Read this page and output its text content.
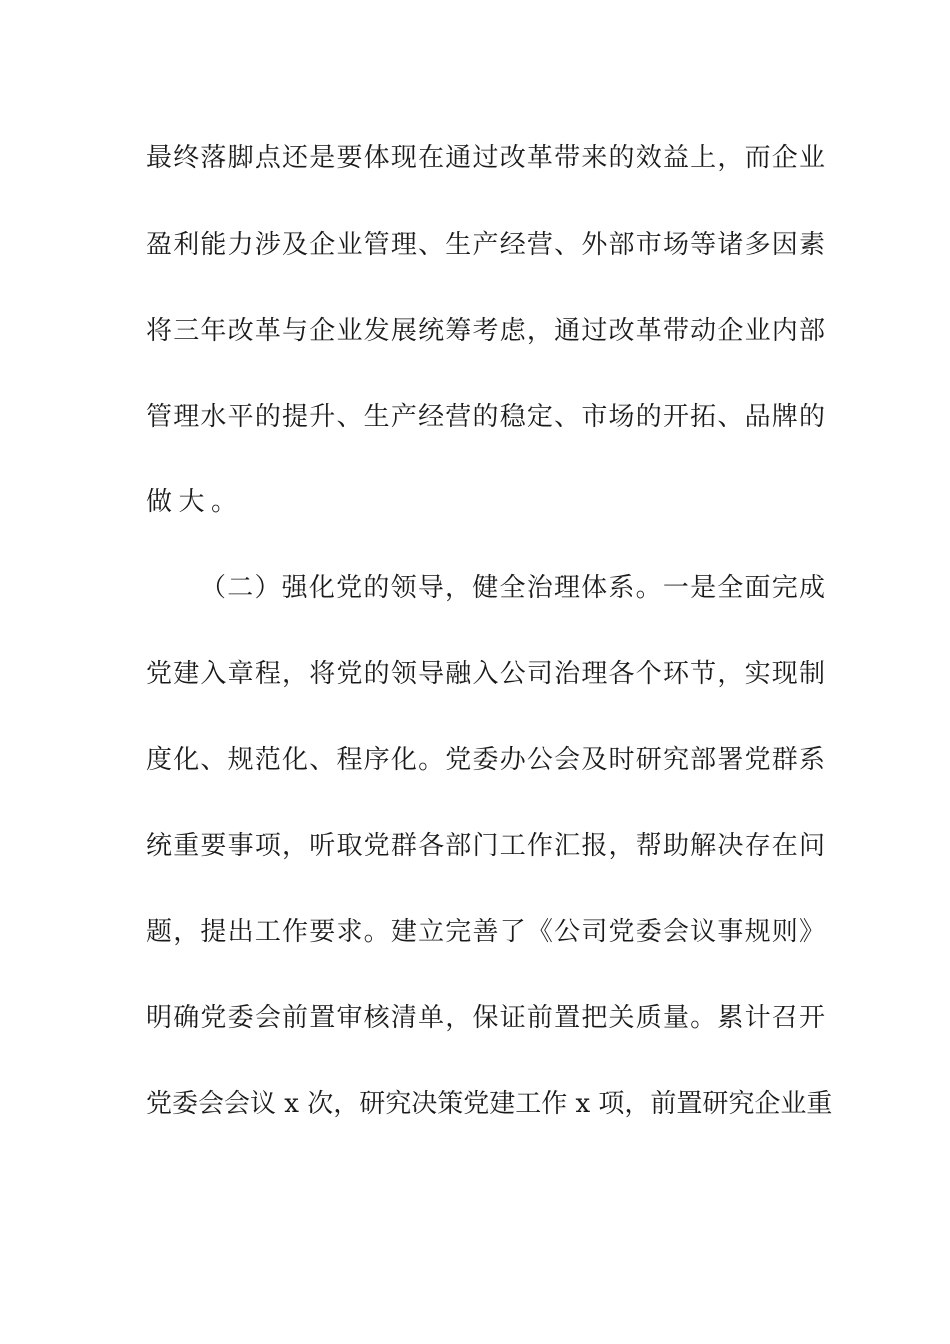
最终落脚点还是要体现在通过改革带来的效益上，而企业
盈利能力涉及企业管理、生产经营、外部市场等诸多因素
将三年改革与企业发展统筹考虑，通过改革带动企业内部
管理水平的提升、生产经营的稳定、市场的开拓、品牌的
做大。
（二）强化党的领导，健全治理体系。一是全面完成
党建入章程，将党的领导融入公司治理各个环节，实现制
度化、规范化、程序化。党委办公会及时研究部署党群系
统重要事项，听取党群各部门工作汇报，帮助解决存在问
题，提出工作要求。建立完善了《公司党委会议事规则》
明确党委会前置审核清单，保证前置把关质量。累计召开
党委会会议 x 次，研究决策党建工作 x 项，前置研究企业重
